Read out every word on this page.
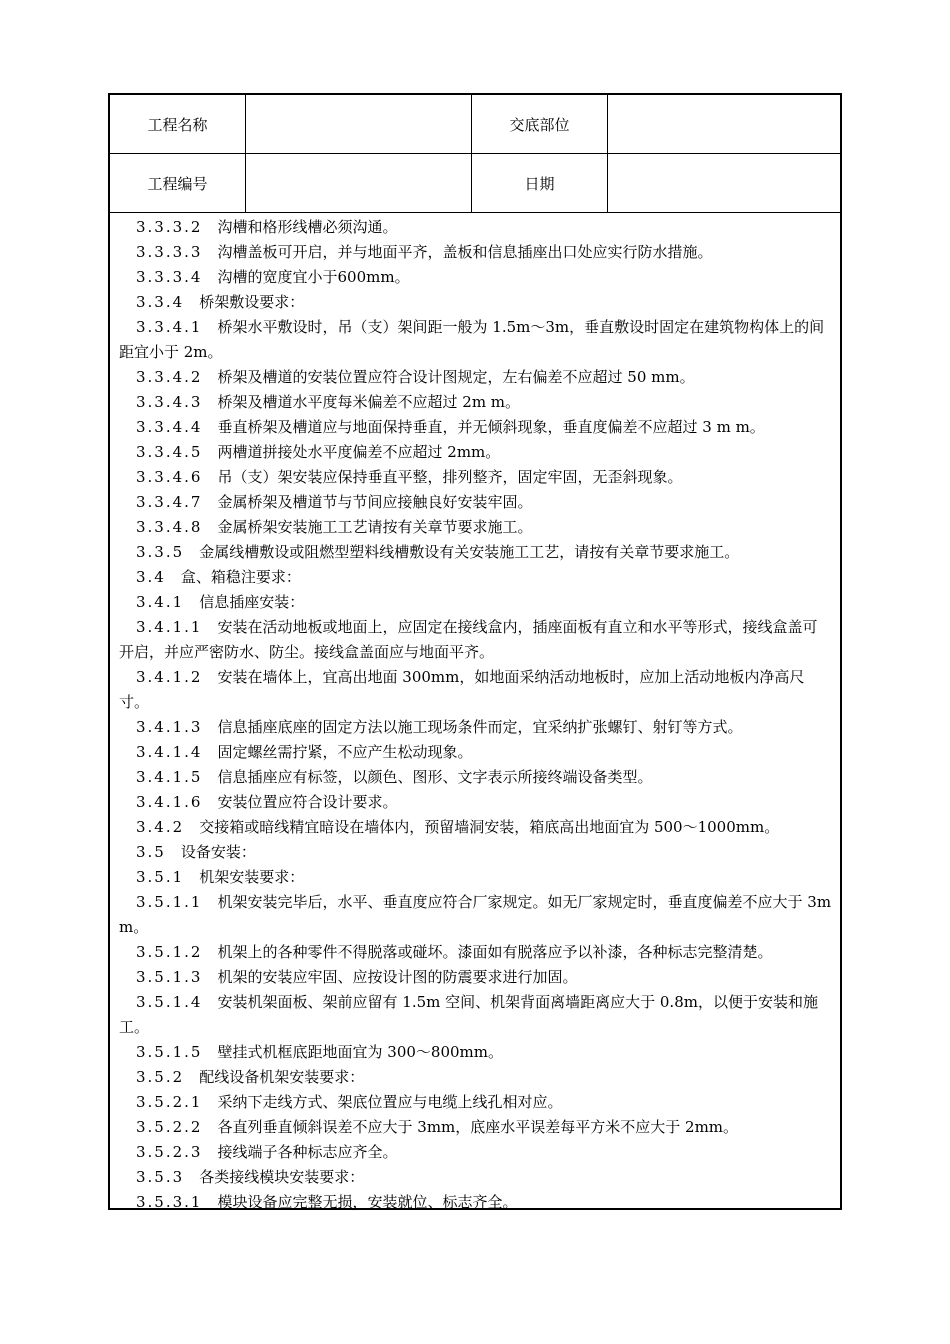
工程名称	交底部位
工程编号	日期

3.3.3.2　 沟槽和格形线槽必须沟通。

3.3.3.3　 沟槽盖板可开启，并与地面平齐，盖板和信息插座出口处应实行防水措施。

3.3.3.4　 沟槽的宽度宜小于600mm。

3.3.4　 桥架敷设要求：

3.3.4.1　 桥架水平敷设时，吊（支）架间距一般为 1.5m～3m，垂直敷设时固定在建筑物构体上的间距宜小于 2m。

3.3.4.2　 桥架及槽道的安装位置应符合设计图规定，左右偏差不应超过 50 mm。

3.3.4.3　 桥架及槽道水平度每米偏差不应超过 2m m。

3.3.4.4　 垂直桥架及槽道应与地面保持垂直，并无倾斜现象，垂直度偏差不应超过 3 m m。

3.3.4.5　 两槽道拼接处水平度偏差不应超过 2mm。

3.3.4.6　 吊（支）架安装应保持垂直平整，排列整齐，固定牢固，无歪斜现象。

3.3.4.7　 金属桥架及槽道节与节间应接触良好安装牢固。

3.3.4.8　 金属桥架安装施工工艺请按有关章节要求施工。

3.3.5　 金属线槽敷设或阻燃型塑料线槽敷设有关安装施工工艺，请按有关章节要求施工。

3.4　 盒、箱稳注要求：

3.4.1　 信息插座安装：

3.4.1.1　 安装在活动地板或地面上，应固定在接线盒内，插座面板有直立和水平等形式，接线盒盖可开启，并应严密防水、防尘。接线盒盖面应与地面平齐。

3.4.1.2　 安装在墙体上，宜高出地面 300mm，如地面采纳活动地板时，应加上活动地板内净高尺寸。

3.4.1.3　 信息插座底座的固定方法以施工现场条件而定，宜采纳扩张螺钉、射钉等方式。

3.4.1.4　 固定螺丝需拧紧，不应产生松动现象。

3.4.1.5　 信息插座应有标签，以颜色、图形、文字表示所接终端设备类型。

3.4.1.6　 安装位置应符合设计要求。

3.4.2　 交接箱或暗线精宜暗设在墙体内，预留墙洞安装，箱底高出地面宜为 500～1000mm。

3.5　 设备安装：

3.5.1　 机架安装要求：

3.5.1.1　 机架安装完毕后，水平、垂直度应符合厂家规定。如无厂家规定时，垂直度偏差不应大于 3mm。

3.5.1.2　 机架上的各种零件不得脱落或碰坏。漆面如有脱落应予以补漆，各种标志完整清楚。

3.5.1.3　 机架的安装应牢固、应按设计图的防震要求进行加固。

3.5.1.4　 安装机架面板、架前应留有 1.5m 空间、机架背面离墙距离应大于 0.8m，以便于安装和施工。

3.5.1.5　 壁挂式机框底距地面宜为 300～800mm。

3.5.2　 配线设备机架安装要求：

3.5.2.1　 采纳下走线方式、架底位置应与电缆上线孔相对应。

3.5.2.2　 各直列垂直倾斜误差不应大于 3mm，底座水平误差每平方米不应大于 2mm。

3.5.2.3　 接线端子各种标志应齐全。

3.5.3　 各类接线模块安装要求：

3.5.3.1　 模块设备应完整无损，安装就位、标志齐全。
